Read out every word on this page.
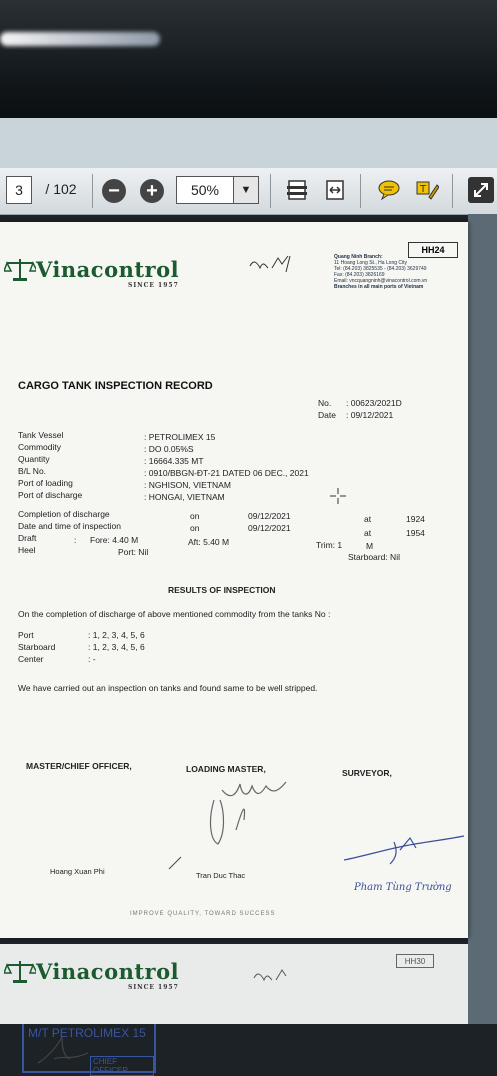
3	/ 102	−	+	50%	▼	T
Vinacontrol
SINCE 1957
HH24
Quang Ninh Branch:
11 Hoang Long St., Ha Long City
Tel: (84.203) 3825535 - (84.203) 3629749
Fax: (84.203) 3826169
Email: vncquangninh@vinacontrol.com.vn
Branches in all main ports of Vietnam
CARGO TANK INSPECTION RECORD
No. : 00623/2021D
Date : 09/12/2021
Tank Vessel	: PETROLIMEX 15
Commodity	: DO 0.05%S
Quantity	: 16664.335 MT
B/L No.	: 0910/BBGN-ĐT-21 DATED 06 DEC., 2021
Port of loading	: NGHISON, VIETNAM
Port of discharge	: HONGAI, VIETNAM
Completion of discharge	on	09/12/2021	at	1924
Date and time of inspection	on	09/12/2021	at	1954
Draft	: Fore: 4.40 M	Aft: 5.40 M	Trim: 1	M
Heel	Port: Nil	Starboard: Nil
RESULTS OF INSPECTION
On the completion of discharge of above mentioned commodity from the tanks No :
Port	: 1, 2, 3, 4, 5, 6
Starboard	: 1, 2, 3, 4, 5, 6
Center	: -
We have carried out an inspection on tanks and found same to be well stripped.
MASTER/CHIEF OFFICER,	LOADING MASTER,	SURVEYOR,
M/T PETROLIMEX 15
CHIEF OFFICER
Hoang Xuan Phi	Tran Duc Thac
Pham Tùng Trường
IMPROVE QUALITY, TOWARD SUCCESS
Vinacontrol
SINCE 1957
HH30
